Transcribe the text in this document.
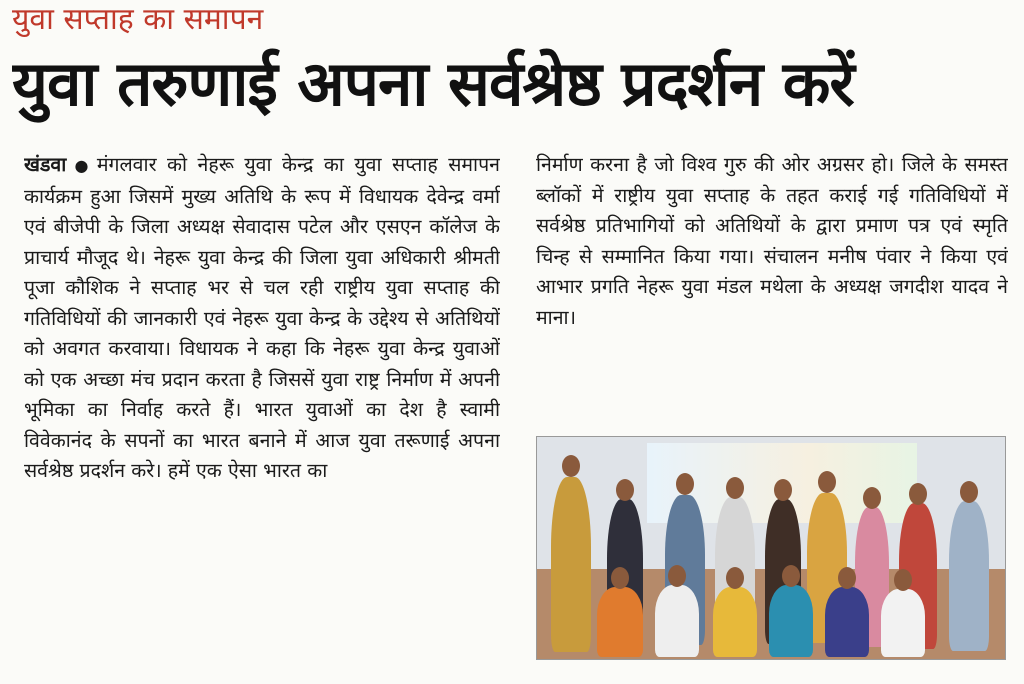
युवा सप्ताह का समापन
युवा तरुणाई अपना सर्वश्रेष्ठ प्रदर्शन करें
खंडवा ● मंगलवार को नेहरू युवा केन्द्र का युवा सप्ताह समापन कार्यक्रम हुआ जिसमें मुख्य अतिथि के रूप में विधायक देवेन्द्र वर्मा एवं बीजेपी के जिला अध्यक्ष सेवादास पटेल और एसएन कॉलेज के प्राचार्य मौजूद थे। नेहरू युवा केन्द्र की जिला युवा अधिकारी श्रीमती पूजा कौशिक ने सप्ताह भर से चल रही राष्ट्रीय युवा सप्ताह की गतिविधियों की जानकारी एवं नेहरू युवा केन्द्र के उद्देश्य से अतिथियों को अवगत करवाया। विधायक ने कहा कि नेहरू युवा केन्द्र युवाओं को एक अच्छा मंच प्रदान करता है जिससें युवा राष्ट्र निर्माण में अपनी भूमिका का निर्वाह करते हैं। भारत युवाओं का देश है स्वामी विवेकानंद के सपनों का भारत बनाने में आज युवा तरूणाई अपना सर्वश्रेष्ठ प्रदर्शन करे। हमें एक ऐसा भारत का
निर्माण करना है जो विश्व गुरु की ओर अग्रसर हो। जिले के समस्त ब्लॉकों में राष्ट्रीय युवा सप्ताह के तहत कराई गई गतिविधियों में सर्वश्रेष्ठ प्रतिभागियों को अतिथियों के द्वारा प्रमाण पत्र एवं स्मृति चिन्ह से सम्मानित किया गया। संचालन मनीष पंवार ने किया एवं आभार प्रगति नेहरू युवा मंडल मथेला के अध्यक्ष जगदीश यादव ने माना।
